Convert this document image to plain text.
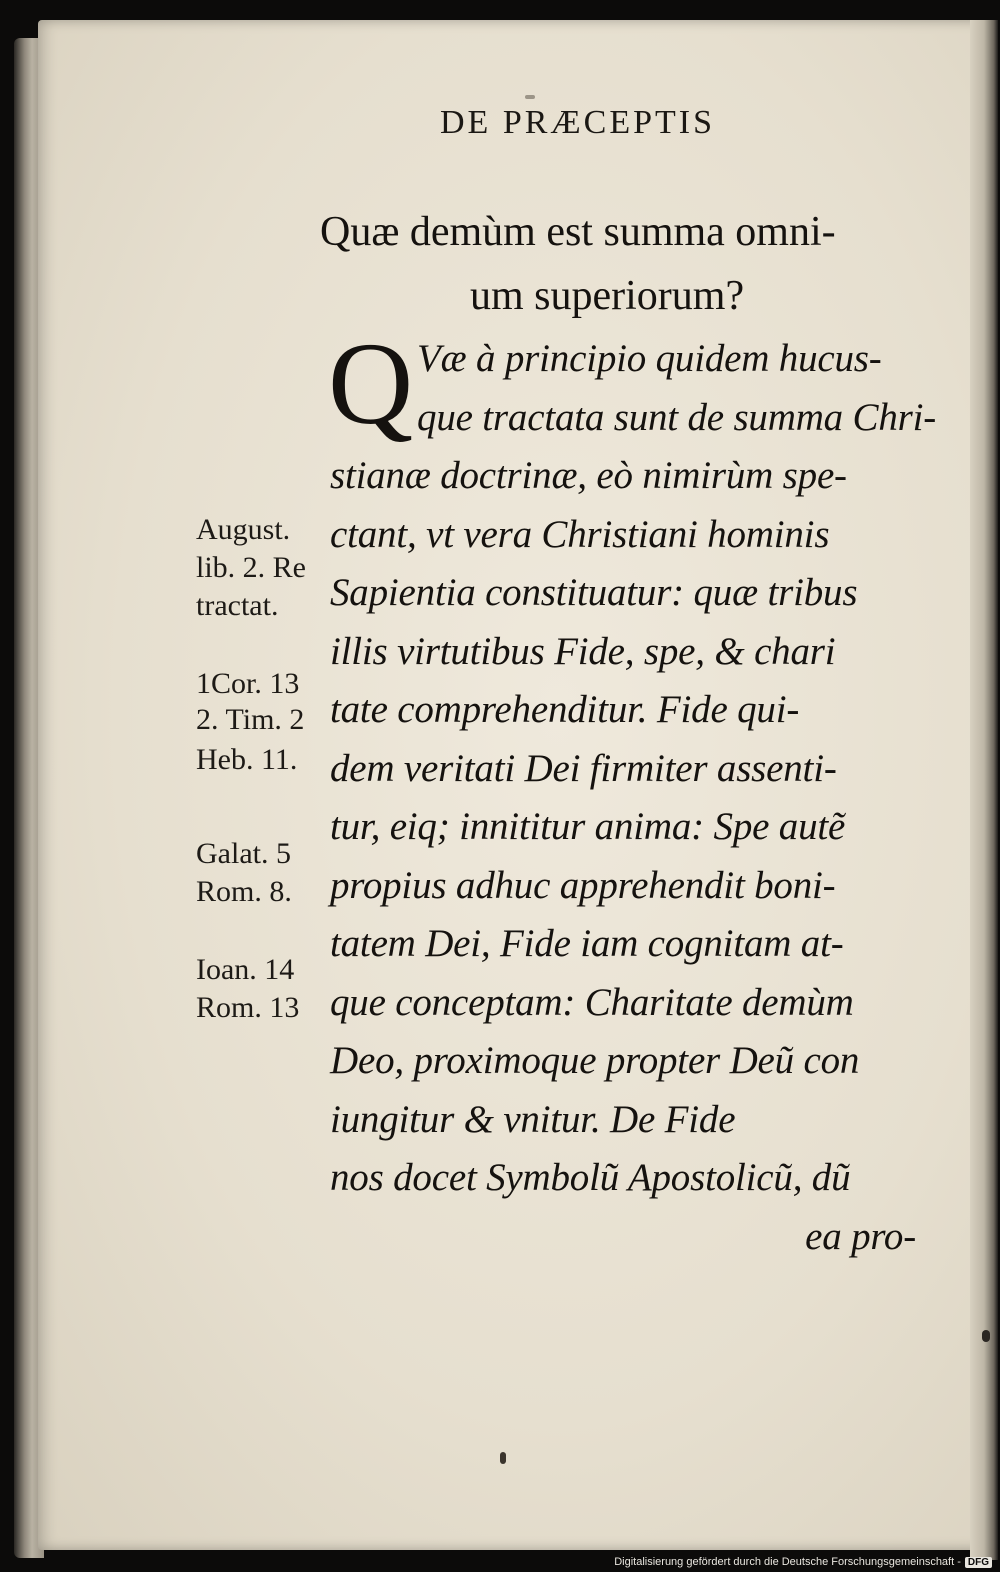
DE PRÆCEPTIS
Quæ demùm est summa omni-
um superiorum?
Q Væ à principio quidem hucus-
que tractata sunt de summa Chri-
stianæ doctrinæ, eò nimirùm spe-
ctant, vt vera Christiani hominis
Sapientia constituatur: quæ tribus
illis virtutibus Fide, spe, & chari
tate comprehenditur. Fide qui-
dem veritati Dei firmiter assenti-
tur, eiq; innititur anima: Spe autẽ
propius adhuc apprehendit boni-
tatem Dei, Fide iam cognitam at-
que conceptam: Charitate demùm
Deo, proximoque propter Deũ con
iungitur & vnitur. De Fide
nos docet Symbolũ Apostolicũ, dũ
ea pro-
August.
lib. 2. Re
tractat.
1Cor. 13
2. Tim. 2
Heb. 11.
Galat. 5
Rom. 8.
Ioan. 14
Rom. 13
Digitalisierung gefördert durch die Deutsche Forschungsgemeinschaft - DFG
